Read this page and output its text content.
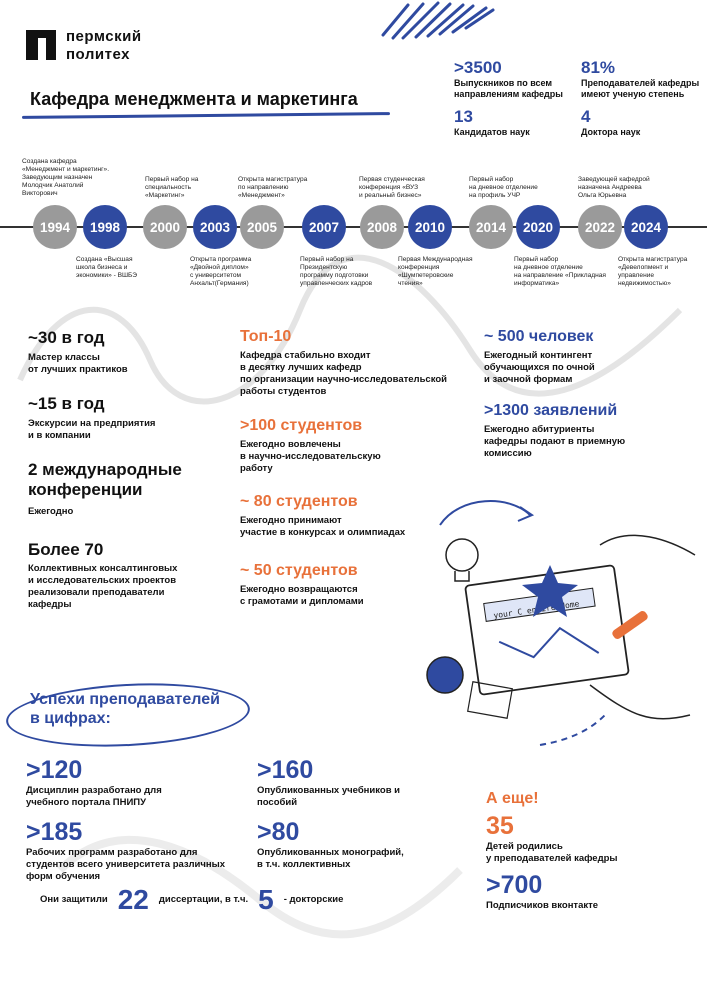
пермский
политех
Кафедра менеджмента и маркетинга
>3500
Выпускников по всем
направлениям кафедры
81%
Преподавателей кафедры
имеют ученую степень
13
Кандидатов наук
4
Доктора наук
1994	1998	2000	2003	2005	2007	2008	2010	2014	2020	2022	2024
Создана кафедра
«Менеджмент и маркетинг».
Заведующим назначен
Молодчик Анатолий
Викторович
Первый набор на
специальность
«Маркетинг»
Открыта магистратура
по направлению
«Менеджмент»
Первая студенческая
конференция «ВУЗ
и реальный бизнес»
Первый набор
на дневное отделение
на профиль УЧР
Заведующей кафедрой
назначена Андреева
Ольга Юрьевна
Создана «Высшая
школа бизнеса и
экономики» - ВШБЭ
Открыта программа
«Двойной диплом»
с университетом
Анхальт(Германия)
Первый набор на
Президентскую
программу подготовки
управленческих кадров
Первая Международная
конференция
«Шумпетеровские
чтения»
Первый набор
на дневное отделение
на направление «Прикладная
информатика»
Открыта магистратура
«Девелопмент и
управление
недвижимостью»
~30 в год
Мастер классы
от лучших практиков
~15 в год
Экскурсии на предприятия
и в компании
2 международные
конференции
Ежегодно
Более 70
Коллективных консалтинговых
и исследовательских проектов
реализовали преподаватели
кафедры
Топ-10
Кафедра стабильно входит
в десятку лучших кафедр
по организации научно-исследовательской
работы студентов
>100 студентов
Ежегодно вовлечены
в научно-исследовательскую
работу
~ 80 студентов
Ежегодно принимают
участие в конкурсах и олимпиадах
~ 50 студентов
Ежегодно возвращаются
с грамотами и дипломами
~ 500 человек
Ежегодный контингент
обучающихся по очной
и заочной формам
>1300 заявлений
Ежегодно абитуриенты
кафедры подают в приемную
комиссию
your C Home
Успехи преподавателей
в цифрах:
>120
Дисциплин разработано для
учебного портала ПНИПУ
>185
Рабочих программ разработано для
студентов всего университета различных
форм обучения
>160
Опубликованных учебников и
пособий
>80
Опубликованных монографий,
в т.ч. коллективных
Они защитили 22 диссертации, в т.ч. 5 - докторские
А еще!
35
Детей родились
у преподавателей кафедры
>700
Подписчиков вконтакте
